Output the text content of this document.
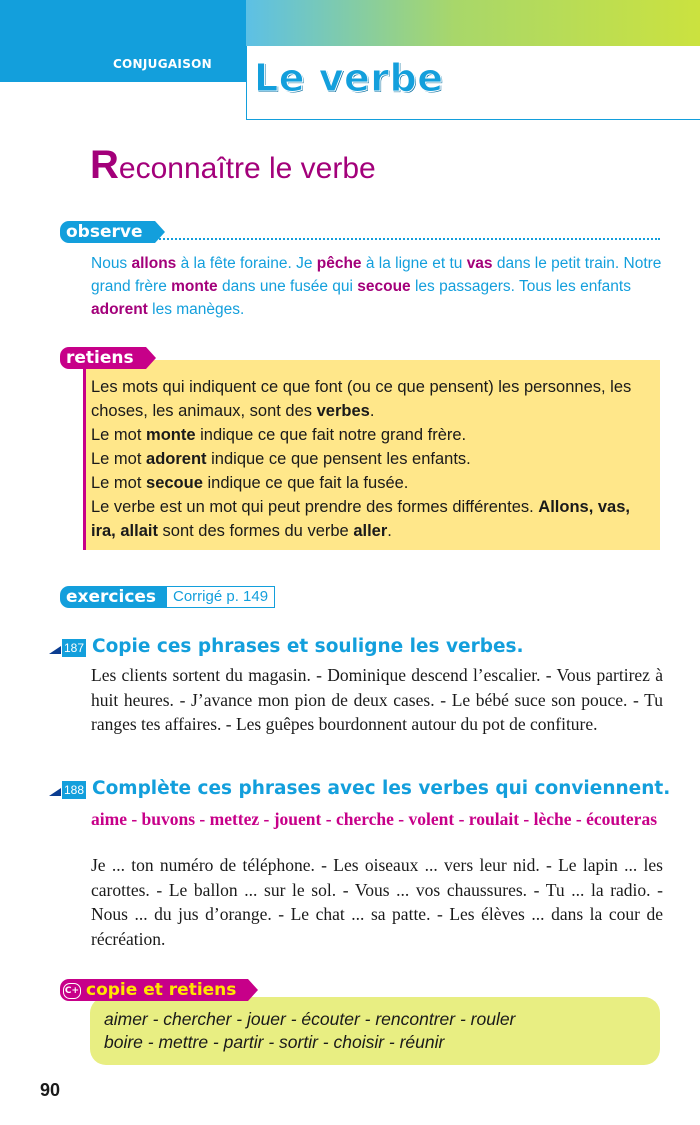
CONJUGAISON	Le verbe
Reconnaître le verbe
observe
Nous allons à la fête foraine. Je pêche à la ligne et tu vas dans le petit train. Notre grand frère monte dans une fusée qui secoue les passagers. Tous les enfants adorent les manèges.
retiens
Les mots qui indiquent ce que font (ou ce que pensent) les personnes, les choses, les animaux, sont des verbes.
Le mot monte indique ce que fait notre grand frère.
Le mot adorent indique ce que pensent les enfants.
Le mot secoue indique ce que fait la fusée.
Le verbe est un mot qui peut prendre des formes différentes. Allons, vas, ira, allait sont des formes du verbe aller.
exercices	Corrigé p. 149
187 Copie ces phrases et souligne les verbes.
Les clients sortent du magasin. - Dominique descend l’escalier. - Vous partirez à huit heures. - J’avance mon pion de deux cases. - Le bébé suce son pouce. - Tu ranges tes affaires. - Les guêpes bourdonnent autour du pot de confiture.
188 Complète ces phrases avec les verbes qui conviennent.
aime - buvons - mettez - jouent - cherche - volent - roulait - lèche - écouteras
Je ... ton numéro de téléphone. - Les oiseaux ... vers leur nid. - Le lapin ... les carottes. - Le ballon ... sur le sol. - Vous ... vos chaussures. - Tu ... la radio. - Nous ... du jus d’orange. - Le chat ... sa patte. - Les élèves ... dans la cour de récréation.
copie et retiens
C+
aimer - chercher - jouer - écouter - rencontrer - rouler
boire - mettre - partir - sortir - choisir - réunir
90
